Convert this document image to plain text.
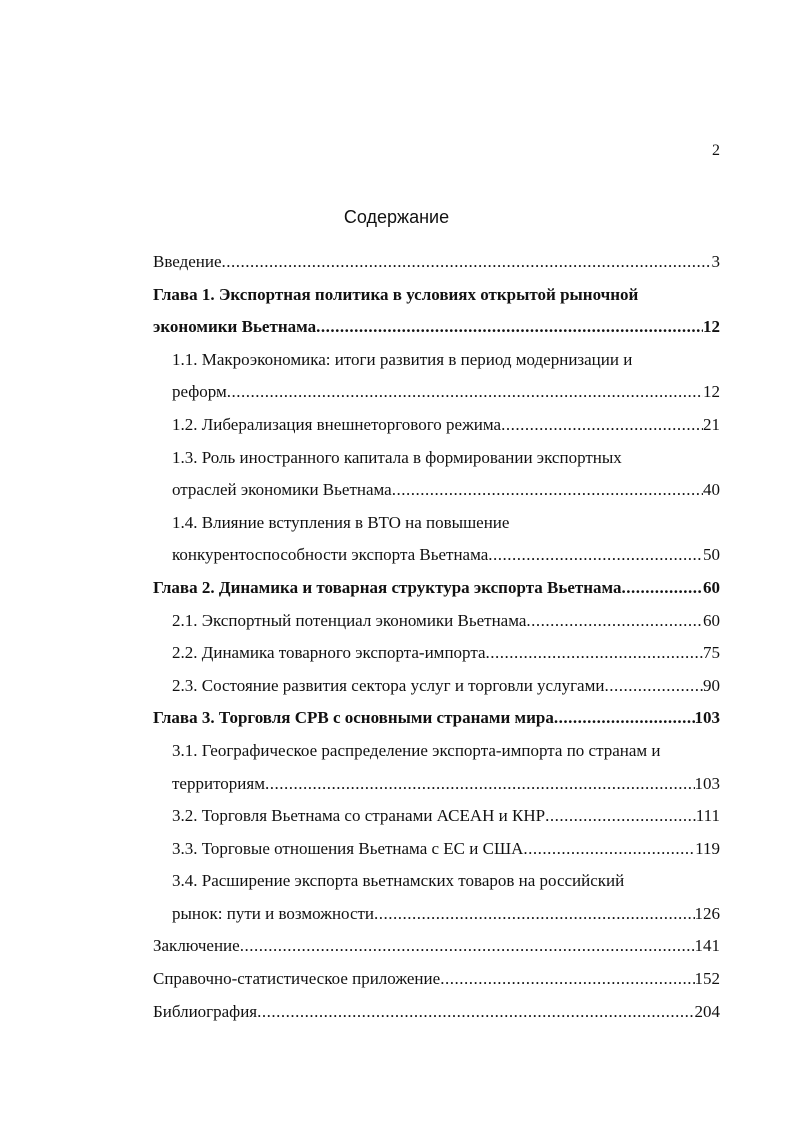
2
Содержание
Введение .....	3
Глава 1. Экспортная политика в условиях открытой рыночной
экономики Вьетнама .....	12
1.1. Макроэкономика: итоги развития в период модернизации и
реформ .....	12
1.2. Либерализация внешнеторгового режима .....	21
1.3. Роль иностранного капитала в формировании экспортных
отраслей экономики Вьетнама .....	40
1.4. Влияние вступления в ВТО на повышение
конкурентоспособности экспорта Вьетнама .....	50
Глава 2. Динамика и товарная структура экспорта Вьетнама .....	60
2.1. Экспортный потенциал экономики Вьетнама .....	60
2.2. Динамика товарного экспорта-импорта .....	75
2.3. Состояние развития сектора услуг и торговли услугами .....	90
Глава 3. Торговля СРВ с основными странами мира .....	103
3.1. Географическое распределение экспорта-импорта по странам и
территориям .....	103
3.2. Торговля Вьетнама со странами АСЕАН и КНР .....	111
3.3. Торговые отношения Вьетнама с ЕС и США .....	119
3.4. Расширение экспорта вьетнамских товаров на российский
рынок: пути и возможности .....	126
Заключение .....	141
Справочно-статистическое приложение .....	152
Библиография .....	204
